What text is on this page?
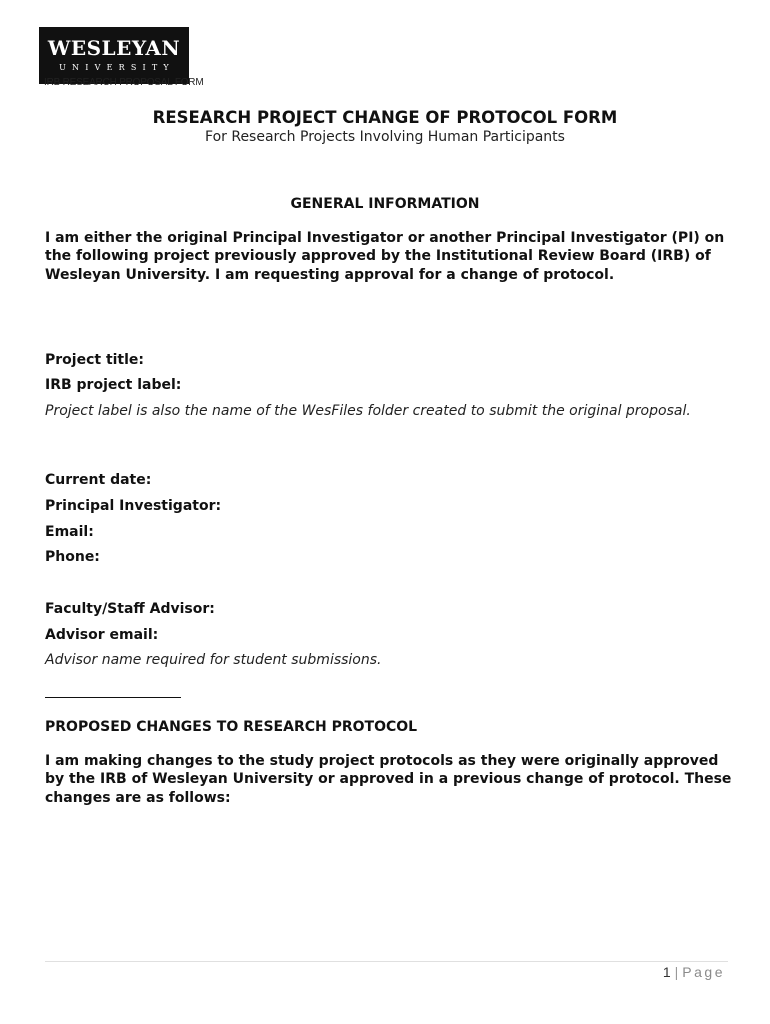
WESLEYAN
UNIVERSITY
IRB RESEARCH PROPOSAL FORM
RESEARCH PROJECT CHANGE OF PROTOCOL FORM
For Research Projects Involving Human Participants
GENERAL INFORMATION
I am either the original Principal Investigator or another Principal Investigator (PI) on the following project previously approved by the Institutional Review Board (IRB) of Wesleyan University. I am requesting approval for a change of protocol.
Project title:
IRB project label:
Project label is also the name of the WesFiles folder created to submit the original proposal.
Current date:
Principal Investigator:
Email:
Phone:
Faculty/Staff Advisor:
Advisor email:
Advisor name required for student submissions.
PROPOSED CHANGES TO RESEARCH PROTOCOL
I am making changes to the study project protocols as they were originally approved by the IRB of Wesleyan University or approved in a previous change of protocol. These changes are as follows:
1 | Page
